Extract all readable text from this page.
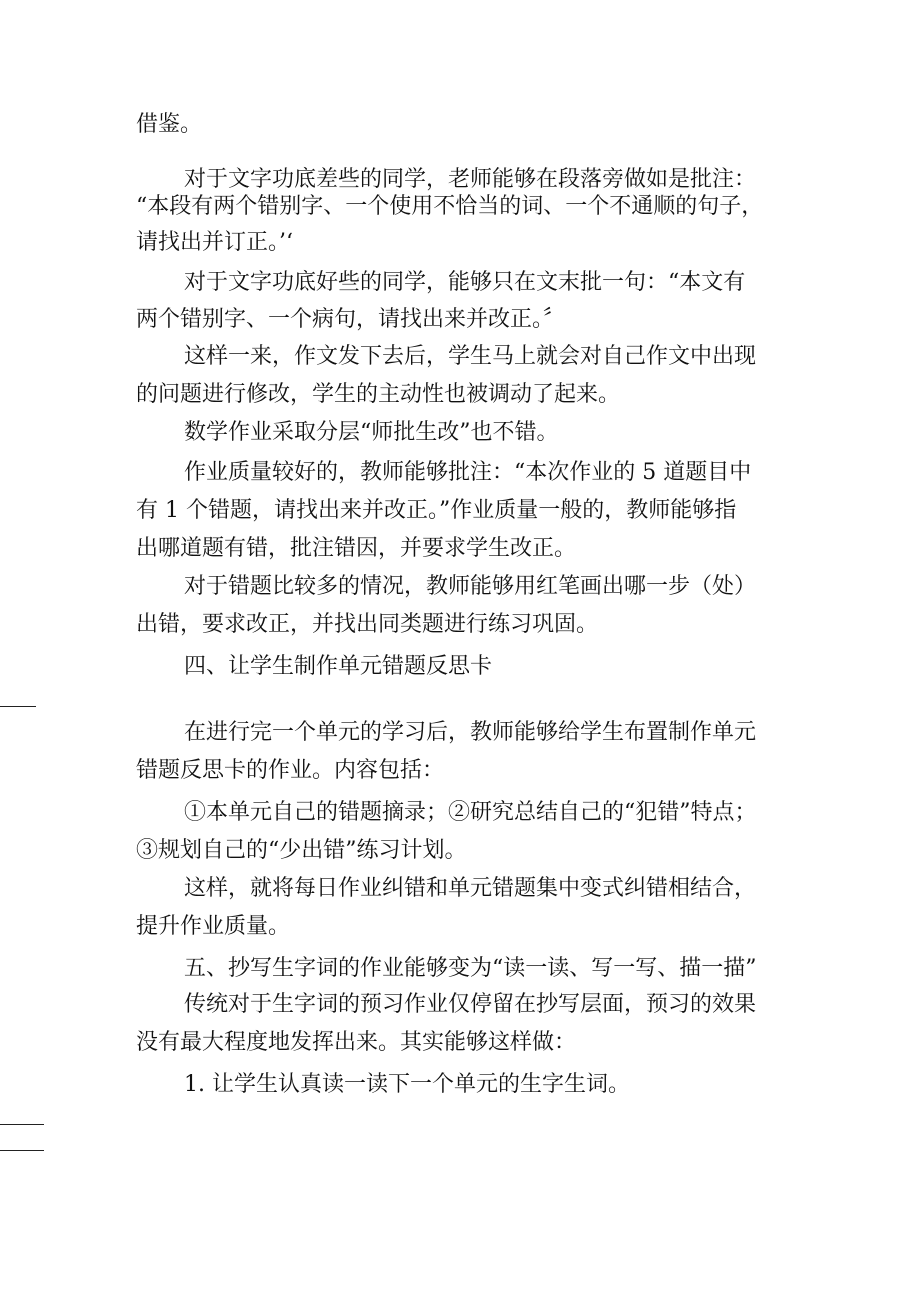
借鉴。
对于文字功底差些的同学，老师能够在段落旁做如是批注：
“本段有两个错别字、一个使用不恰当的词、一个不通顺的句子，
请找出并订正。’‘
对于文字功底好些的同学，能够只在文末批一句：“本文有
两个错别字、一个病句，请找出来并改正。〞
这样一来，作文发下去后，学生马上就会对自己作文中出现
的问题进行修改，学生的主动性也被调动了起来。
数学作业采取分层“师批生改”也不错。
作业质量较好的，教师能够批注：“本次作业的 5 道题目中
有 1 个错题，请找出来并改正。”作业质量一般的，教师能够指
出哪道题有错，批注错因，并要求学生改正。
对于错题比较多的情况，教师能够用红笔画出哪一步（处）
出错，要求改正，并找出同类题进行练习巩固。
四、让学生制作单元错题反思卡
在进行完一个单元的学习后，教师能够给学生布置制作单元
错题反思卡的作业。内容包括：
①本单元自己的错题摘录；②研究总结自己的“犯错”特点；
③规划自己的“少出错”练习计划。
这样，就将每日作业纠错和单元错题集中变式纠错相结合，
提升作业质量。
五、抄写生字词的作业能够变为“读一读、写一写、描一描”
传统对于生字词的预习作业仅停留在抄写层面，预习的效果
没有最大程度地发挥出来。其实能够这样做：
1. 让学生认真读一读下一个单元的生字生词。
